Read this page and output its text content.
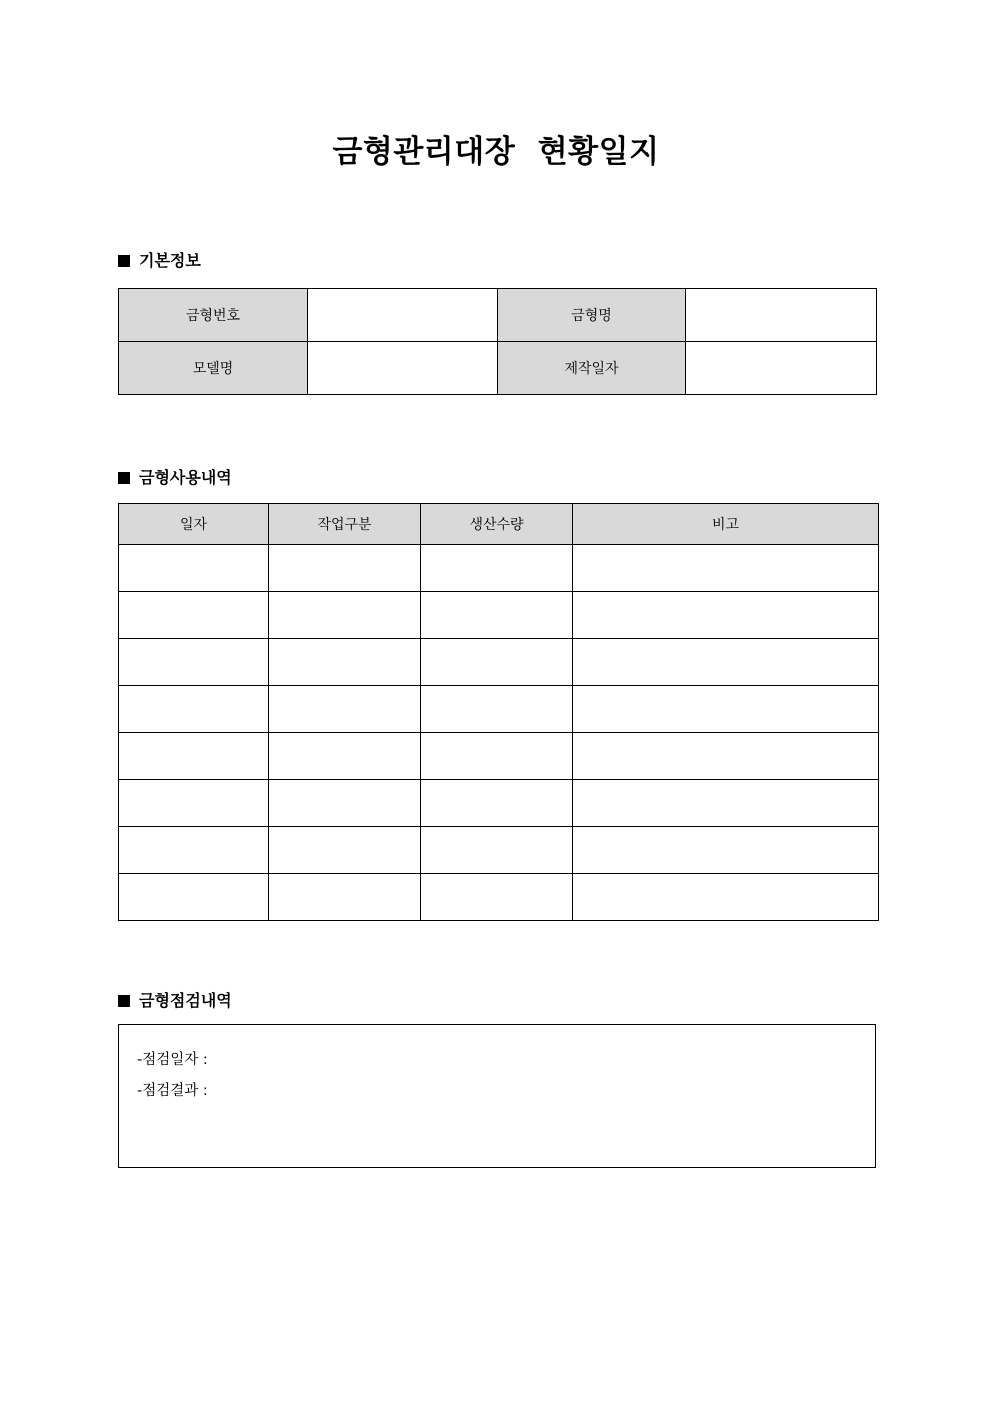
금형관리대장  현황일지
기본정보
금형번호		금형명	
모델명		제작일자	
금형사용내역
일자	작업구분	생산수량	비고

금형점검내역
-점검일자 :
-점검결과 :
